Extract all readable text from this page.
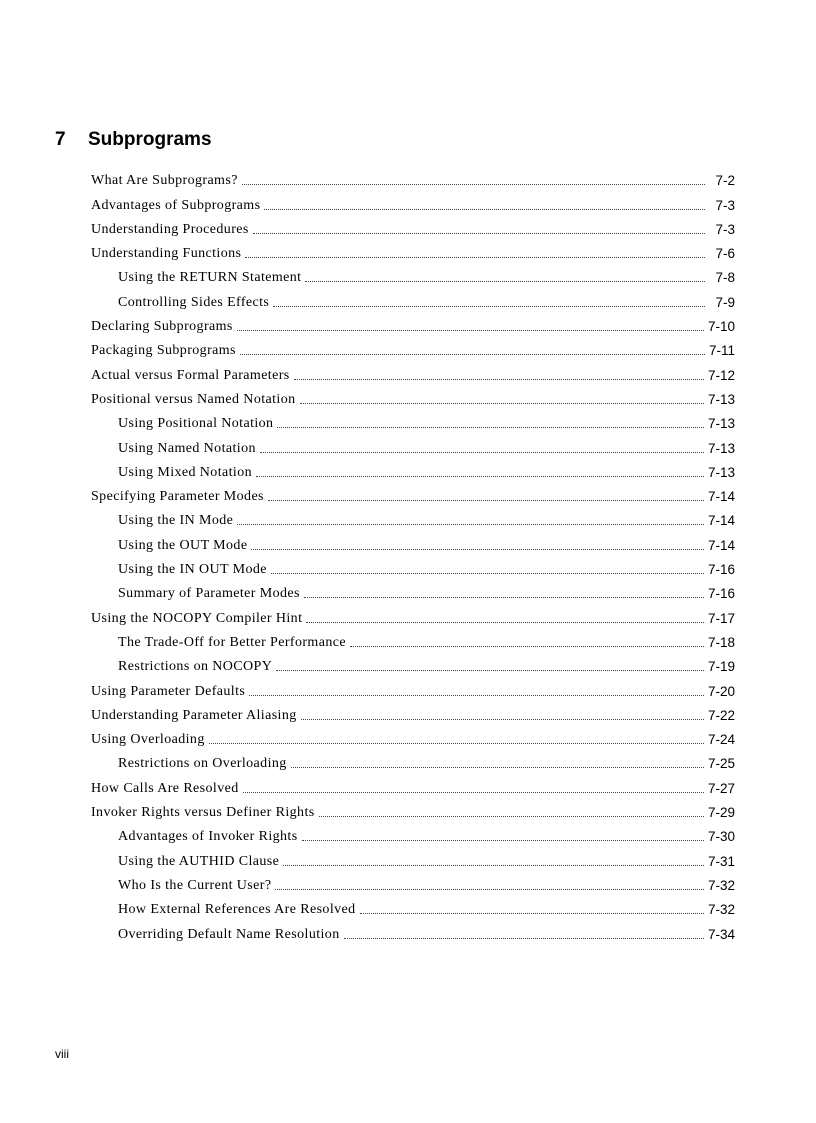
7 Subprograms
What Are Subprograms?	7-2
Advantages of Subprograms	7-3
Understanding Procedures	7-3
Understanding Functions	7-6
Using the RETURN Statement	7-8
Controlling Sides Effects	7-9
Declaring Subprograms	7-10
Packaging Subprograms	7-11
Actual versus Formal Parameters	7-12
Positional versus Named Notation	7-13
Using Positional Notation	7-13
Using Named Notation	7-13
Using Mixed Notation	7-13
Specifying Parameter Modes	7-14
Using the IN Mode	7-14
Using the OUT Mode	7-14
Using the IN OUT Mode	7-16
Summary of Parameter Modes	7-16
Using the NOCOPY Compiler Hint	7-17
The Trade-Off for Better Performance	7-18
Restrictions on NOCOPY	7-19
Using Parameter Defaults	7-20
Understanding Parameter Aliasing	7-22
Using Overloading	7-24
Restrictions on Overloading	7-25
How Calls Are Resolved	7-27
Invoker Rights versus Definer Rights	7-29
Advantages of Invoker Rights	7-30
Using the AUTHID Clause	7-31
Who Is the Current User?	7-32
How External References Are Resolved	7-32
Overriding Default Name Resolution	7-34
viii
